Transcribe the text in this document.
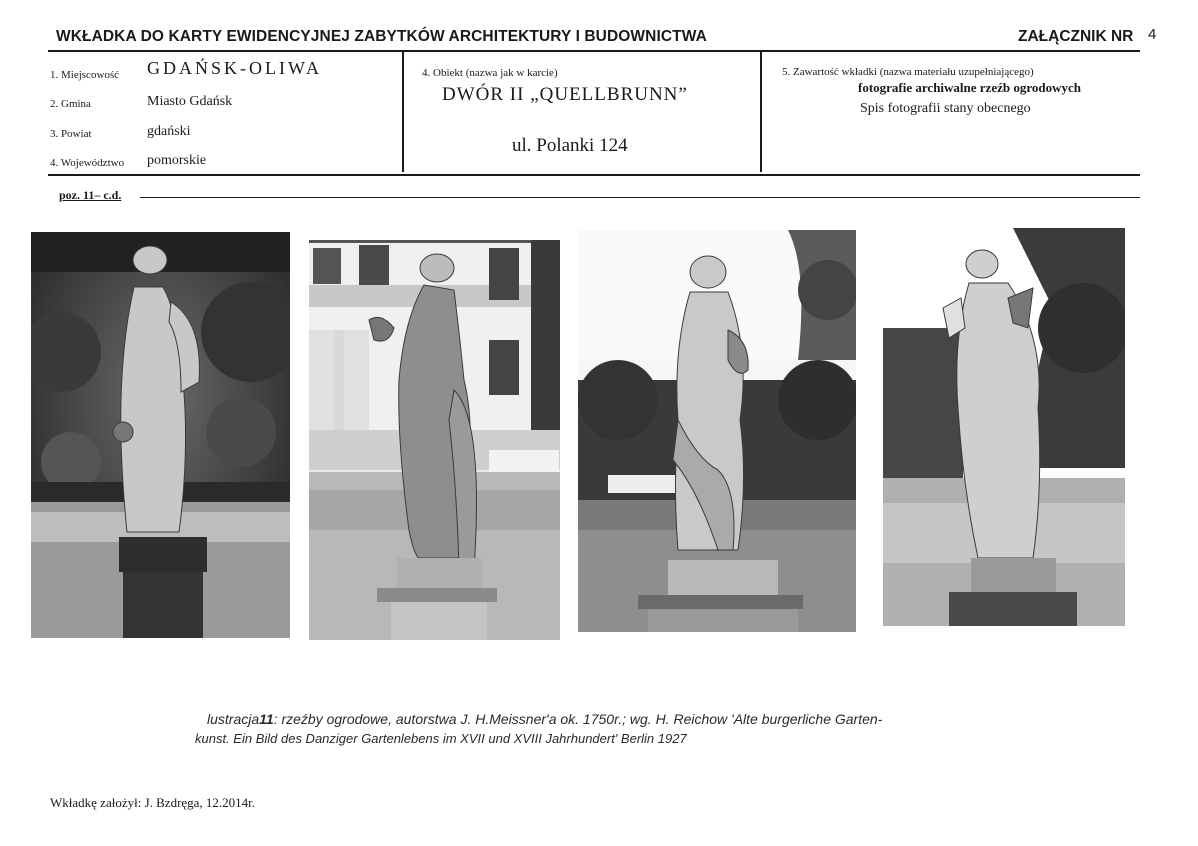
WKŁADKA DO KARTY EWIDENCYJNEJ ZABYTKÓW ARCHITEKTURY I BUDOWNICTWA	ZAŁĄCZNIK NR 4
1. Miejscowość GDAŃSK-OLIWA
2. Gmina	Miasto Gdańsk
3. Powiat	gdański
4. Województwo pomorskie
4. Obiekt (nazwa jak w karcie)
DWÓR II „QUELLBRUNN”
ul. Polanki 124
5. Zawartość wkładki (nazwa materiału uzupełniającego)
fotografie archiwalne rzeźb ogrodowych
Spis fotografii stany obecnego
poz. 11– c.d.
lustracja11: rzeźby ogrodowe, autorstwa J. H.Meissner'a ok. 1750r.; wg. H. Reichow 'Alte burgerliche Garten-
kunst. Ein Bild des Danziger Gartenlebens im XVII und XVIII Jahrhundert' Berlin 1927
Wkładkę założył: J. Bzdręga, 12.2014r.
